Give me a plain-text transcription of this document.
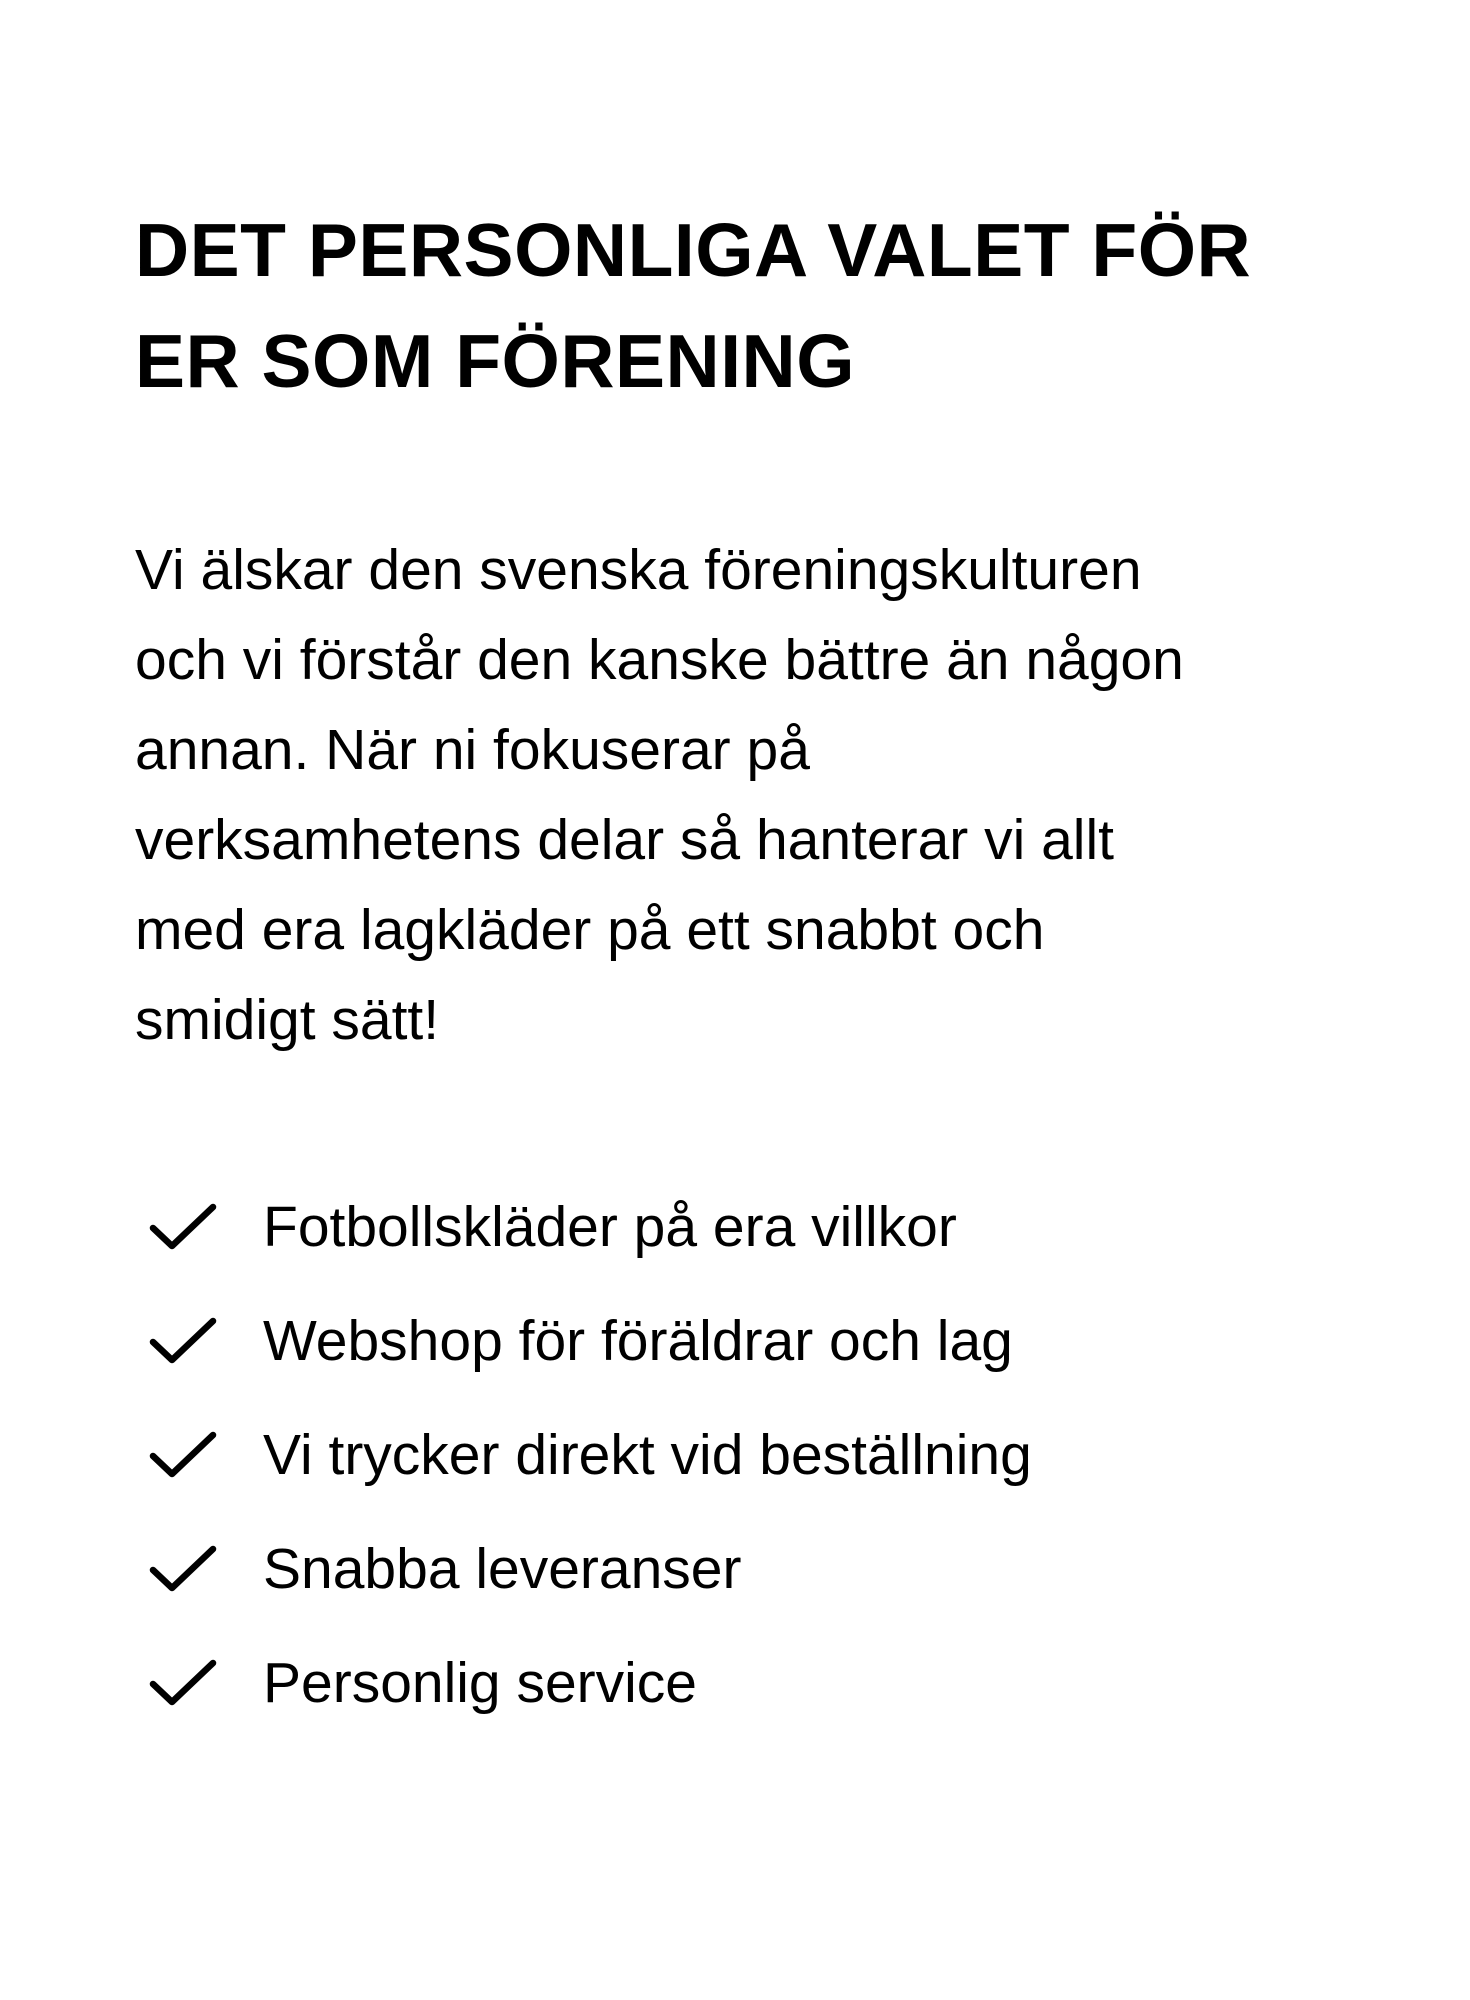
DET PERSONLIGA VALET FÖR
ER SOM FÖRENING

Vi älskar den svenska föreningskulturen
och vi förstår den kanske bättre än någon
annan. När ni fokuserar på
verksamhetens delar så hanterar vi allt
med era lagkläder på ett snabbt och
smidigt sätt!

Fotbollskläder på era villkor
Webshop för föräldrar och lag
Vi trycker direkt vid beställning
Snabba leveranser
Personlig service
